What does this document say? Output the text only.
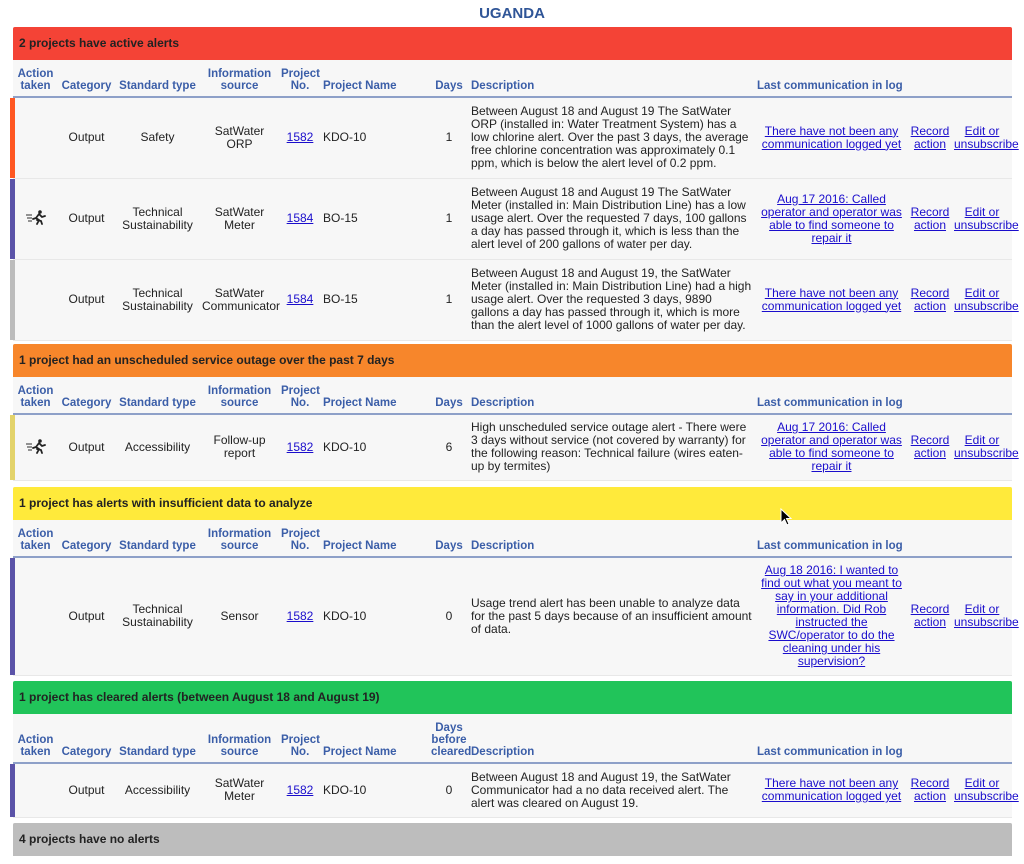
UGANDA
2 projects have active alerts
Action taken	Category	Standard type	Information source	Project No.	Project Name	Days	Description	Last communication in log		

	Output	Safety	SatWater ORP	1582	KDO-10	1	Between August 18 and August 19 The SatWater ORP (installed in: Water Treatment System) has a low chlorine alert. Over the past 3 days, the average free chlorine concentration was approximately 0.1 ppm, which is below the alert level of 0.2 ppm.	There have not been any communication logged yet	Record action	Edit or unsubscribe

	Output	Technical Sustainability	SatWater Meter	1584	BO-15	1	Between August 18 and August 19 The SatWater Meter (installed in: Main Distribution Line) has a low usage alert. Over the requested 7 days, 100 gallons a day has passed through it, which is less than the alert level of 200 gallons of water per day.	Aug 17 2016: Called operator and operator was able to find someone to repair it	Record action	Edit or unsubscribe

	Output	Technical Sustainability	SatWater Communicator	1584	BO-15	1	Between August 18 and August 19, the SatWater Meter (installed in: Main Distribution Line) had a high usage alert. Over the requested 3 days, 9890 gallons a day has passed through it, which is more than the alert level of 1000 gallons of water per day.	There have not been any communication logged yet	Record action	Edit or unsubscribe
1 project had an unscheduled service outage over the past 7 days
Action taken	Category	Standard type	Information source	Project No.	Project Name	Days	Description	Last communication in log		

	Output	Accessibility	Follow-up report	1582	KDO-10	6	High unscheduled service outage alert - There were 3 days without service (not covered by warranty) for the following reason: Technical failure (wires eaten-up by termites)	Aug 17 2016: Called operator and operator was able to find someone to repair it	Record action	Edit or unsubscribe
1 project has alerts with insufficient data to analyze
Action taken	Category	Standard type	Information source	Project No.	Project Name	Days	Description	Last communication in log		

	Output	Technical Sustainability	Sensor	1582	KDO-10	0	Usage trend alert has been unable to analyze data for the past 5 days because of an insufficient amount of data.	Aug 18 2016: I wanted to find out what you meant to say in your additional information. Did Rob instructed the SWC/operator to do the cleaning under his supervision?	Record action	Edit or unsubscribe
1 project has cleared alerts (between August 18 and August 19)
Action taken	Category	Standard type	Information source	Project No.	Project Name	Days before cleared	Description	Last communication in log		

	Output	Accessibility	SatWater Meter	1582	KDO-10	0	Between August 18 and August 19, the SatWater Communicator had a no data received alert. The alert was cleared on August 19.	There have not been any communication logged yet	Record action	Edit or unsubscribe
4 projects have no alerts
